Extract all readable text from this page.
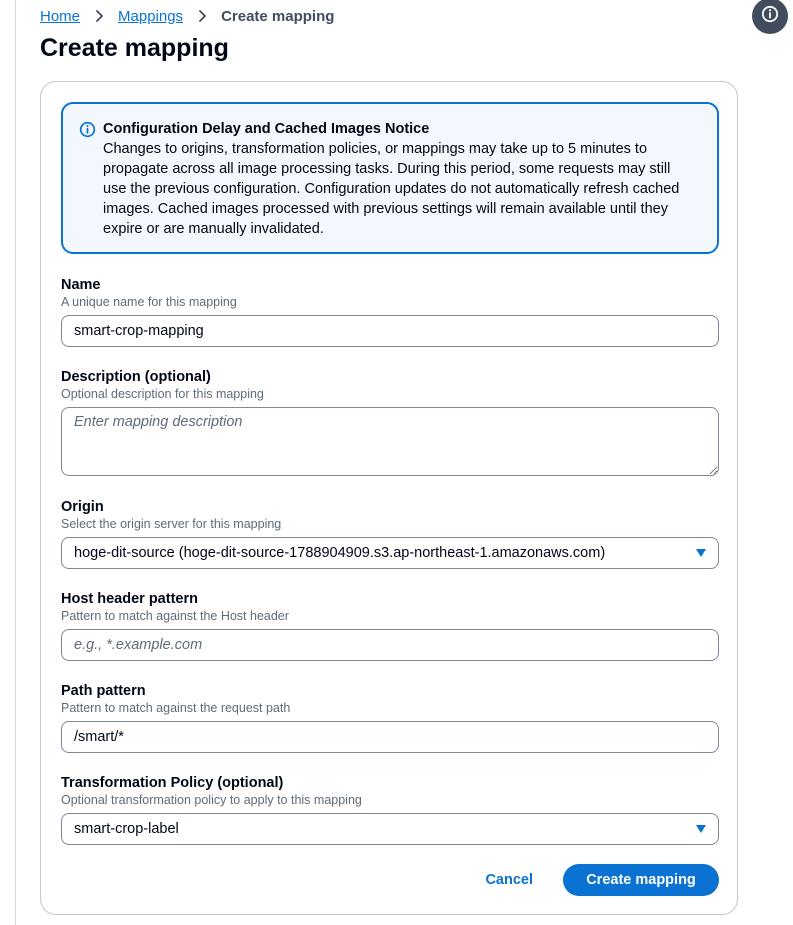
Home	Mappings	Create mapping
Create mapping
Configuration Delay and Cached Images Notice
Changes to origins, transformation policies, or mappings may take up to 5 minutes to propagate across all image processing tasks. During this period, some requests may still use the previous configuration. Configuration updates do not automatically refresh cached images. Cached images processed with previous settings will remain available until they expire or are manually invalidated.
Name
A unique name for this mapping
smart-crop-mapping
Description (optional)
Optional description for this mapping
Enter mapping description
Origin
Select the origin server for this mapping
hoge-dit-source (hoge-dit-source-1788904909.s3.ap-northeast-1.amazonaws.com)
Host header pattern
Pattern to match against the Host header
e.g., *.example.com
Path pattern
Pattern to match against the request path
/smart/*
Transformation Policy (optional)
Optional transformation policy to apply to this mapping
smart-crop-label
Cancel	Create mapping
